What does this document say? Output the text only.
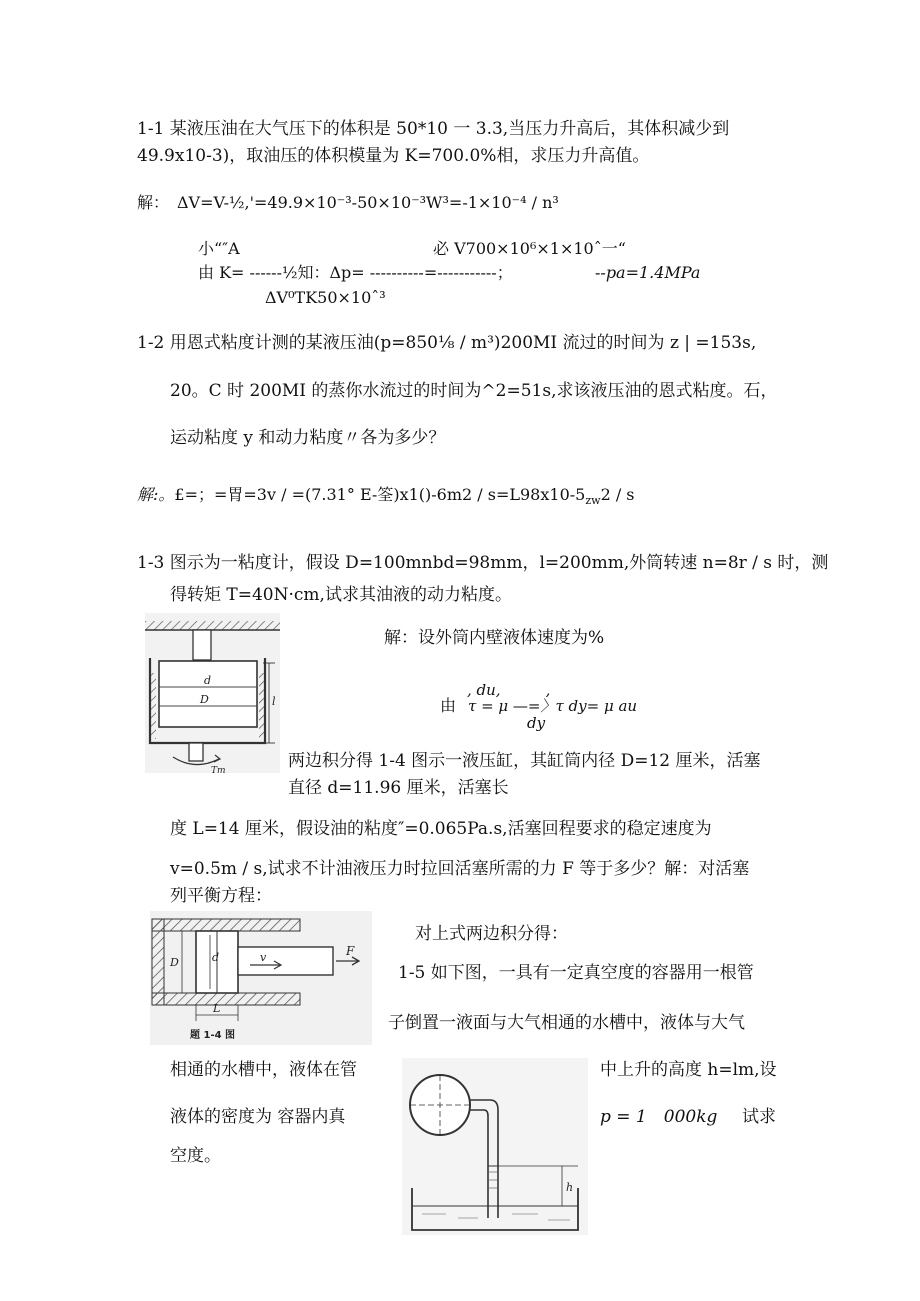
1-1 某液压油在大气压下的体积是 50*10 一 3.3,当压力升高后，其体积减少到
49.9x10-3)，取油压的体积模量为 K=700.0%相，求压力升高值。
解：　ΔV=V-½,'=49.9×10⁻³-50×10⁻³W³=-1×10⁻⁴ / n³
小“″A	必 V700×10⁶×1×10ˆ一“
由 K= ------½知：Δp= ----------=-----------；	--pa=1.4MPa
ΔV⁰TK50×10ˆ³
1-2 用恩式粘度计测的某液压油(p=850⅛ / m³)200MI 流过的时间为 z | =153s,
20。C 时 200MI 的蒸你水流过的时间为^2=51s,求该液压油的恩式粘度。石，
运动粘度 y 和动力粘度〃各为多少？
解:。£=；=胃=3v / =(7.31° E-筌)$x1()-6m2 / s=L98x10-5_{zw}2 / s$
1-3 图示为一粘度计，假设 D=100mnbd=98mm，l=200mm,外筒转速 n=8r / s 时，测
得转矩 T=40N·cm,试求其油液的动力粘度。
d
D	l
Tm
解：设外筒内壁液体速度为%
, du,　　　,
由 τ = μ —=〉τ dy= μ au
dy
两边积分得 1-4 图示一液压缸，其缸筒内径 D=12 厘米，活塞
直径 d=11.96 厘米，活塞长
度 L=14 厘米，假设油的粘度″=0.065Pa.s,活塞回程要求的稳定速度为
v=0.5m / s,试求不计油液压力时拉回活塞所需的力 F 等于多少？解：对活塞
列平衡方程：
D	d	v	F
L
题 1-4 图
对上式两边积分得：
1-5 如下图，一具有一定真空度的容器用一根管
子倒置一液面与大气相通的水槽中，液体与大气
相通的水槽中，液体在管
液体的密度为 容器内真
空度。
中上升的高度 h=lm,设
p = 1　000kg 试求
h
